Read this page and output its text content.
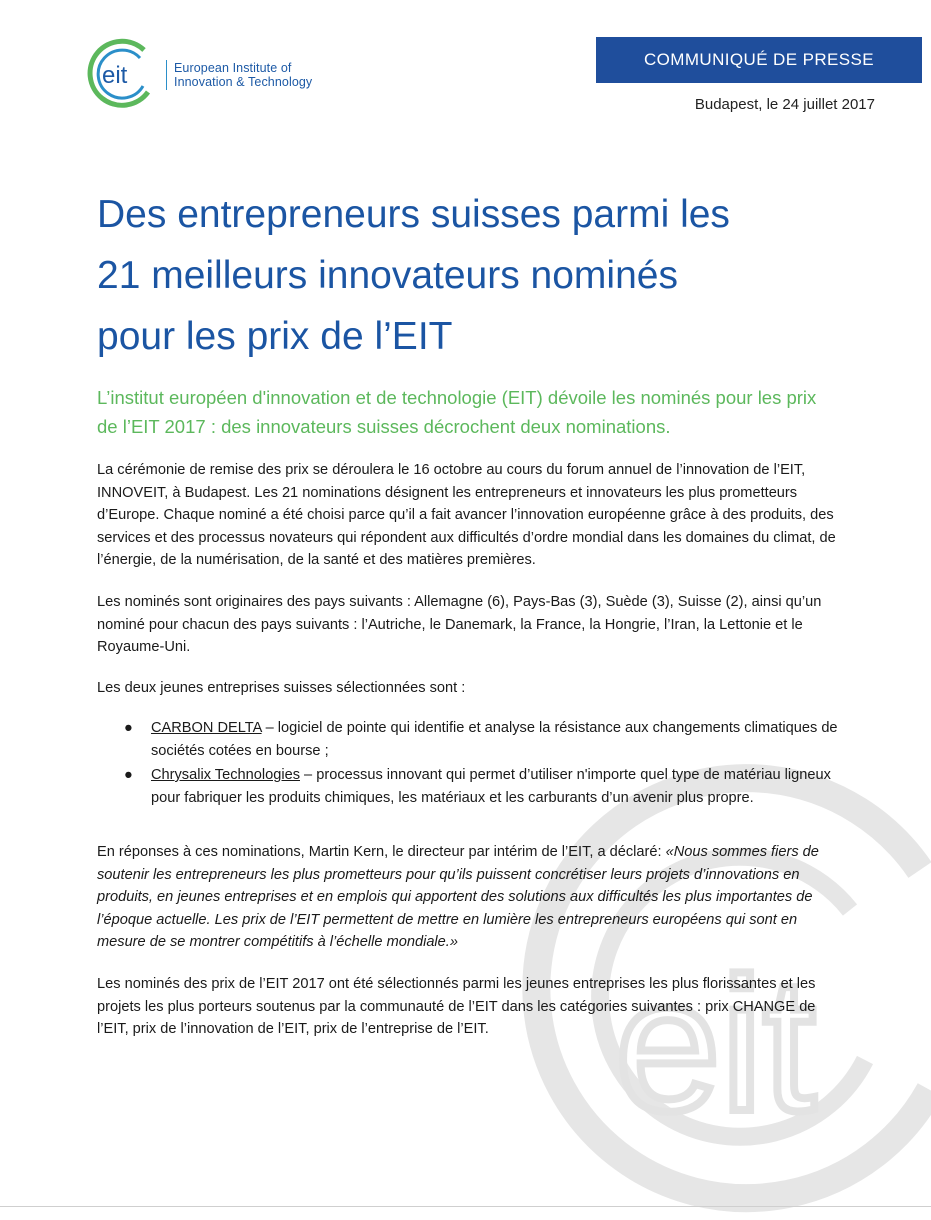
eit
eit	European Institute of
Innovation & Technology
COMMUNIQUÉ DE PRESSE
Budapest, le 24 juillet 2017
Des entrepreneurs suisses parmi les
21 meilleurs innovateurs nominés
pour les prix de l’EIT
L’institut européen d'innovation et de technologie (EIT) dévoile les nominés pour les prix de l’EIT 2017 : des innovateurs suisses décrochent deux nominations.
La cérémonie de remise des prix se déroulera le 16 octobre au cours du forum annuel de l’innovation de l’EIT, INNOVEIT, à Budapest. Les 21 nominations désignent les entrepreneurs et innovateurs les plus prometteurs d’Europe. Chaque nominé a été choisi parce qu’il a fait avancer l’innovation européenne grâce à des produits, des services et des processus novateurs qui répondent aux difficultés d’ordre mondial dans les domaines du climat, de l’énergie, de la numérisation, de la santé et des matières premières.
Les nominés sont originaires des pays suivants : Allemagne (6), Pays-Bas (3), Suède (3), Suisse (2), ainsi qu’un nominé pour chacun des pays suivants : l’Autriche, le Danemark, la France, la Hongrie, l’Iran, la Lettonie et le Royaume-Uni.
Les deux jeunes entreprises suisses sélectionnées sont :
● CARBON DELTA – logiciel de pointe qui identifie et analyse la résistance aux changements climatiques de sociétés cotées en bourse ;
● Chrysalix Technologies – processus innovant qui permet d’utiliser n'importe quel type de matériau ligneux pour fabriquer les produits chimiques, les matériaux et les carburants d’un avenir plus propre.
En réponses à ces nominations, Martin Kern, le directeur par intérim de l’EIT, a déclaré: «Nous sommes fiers de soutenir les entrepreneurs les plus prometteurs pour qu’ils puissent concrétiser leurs projets d’innovations en produits, en jeunes entreprises et en emplois qui apportent des solutions aux difficultés les plus importantes de l’époque actuelle. Les prix de l’EIT permettent de mettre en lumière les entrepreneurs européens qui sont en mesure de se montrer compétitifs à l’échelle mondiale.»
Les nominés des prix de l’EIT 2017 ont été sélectionnés parmi les jeunes entreprises les plus florissantes et les projets les plus porteurs soutenus par la communauté de l’EIT dans les catégories suivantes : prix CHANGE de l’EIT, prix de l’innovation de l’EIT, prix de l’entreprise de l’EIT.
